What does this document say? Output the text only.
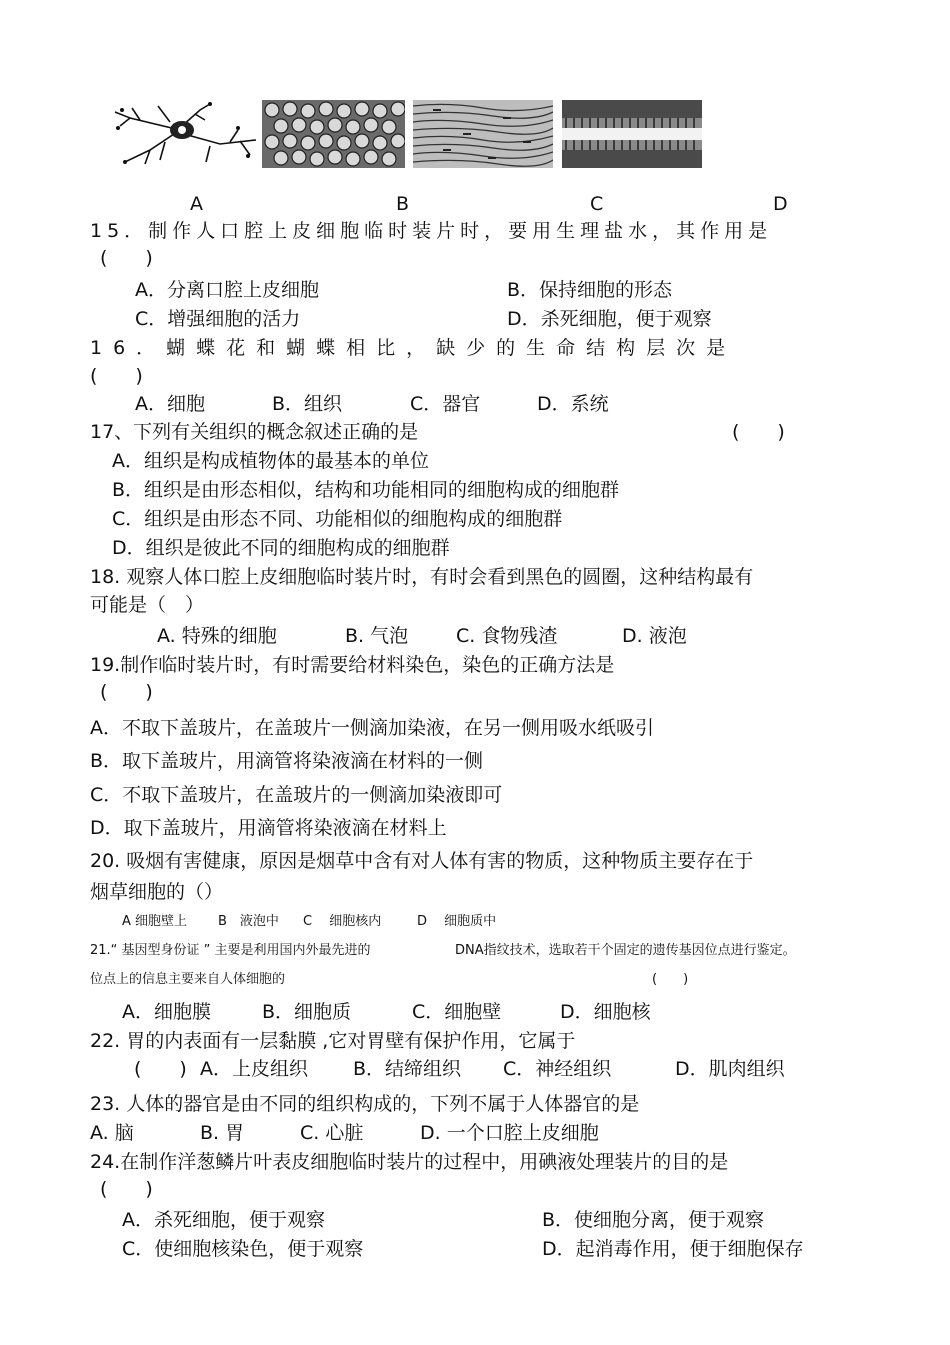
A	B	C	D
15．制作人口腔上皮细胞临时装片时，要用生理盐水，其作用是
(　　)
A．分离口腔上皮细胞	B．保持细胞的形态
C．增强细胞的活力	D．杀死细胞，便于观察
16．蝴蝶花和蝴蝶相比，缺少的生命结构层次是
(　　)
A．细胞	B．组织	C．器官	D．系统
17、下列有关组织的概念叙述正确的是	(　　)
A．组织是构成植物体的最基本的单位
B．组织是由形态相似，结构和功能相同的细胞构成的细胞群
C．组织是由形态不同、功能相似的细胞构成的细胞群
D．组织是彼此不同的细胞构成的细胞群
18. 观察人体口腔上皮细胞临时装片时，有时会看到黑色的圆圈，这种结构最有
可能是（　）
A. 特殊的细胞	B. 气泡	C. 食物残渣	D. 液泡
19.制作临时装片时，有时需要给材料染色，染色的正确方法是
(　　)
A．不取下盖玻片，在盖玻片一侧滴加染液，在另一侧用吸水纸吸引
B．取下盖玻片，用滴管将染液滴在材料的一侧
C．不取下盖玻片，在盖玻片的一侧滴加染液即可
D．取下盖玻片，用滴管将染液滴在材料上
20. 吸烟有害健康，原因是烟草中含有对人体有害的物质，这种物质主要存在于
烟草细胞的（）
A 细胞壁上 B　液泡中 C　 细胞核内	D　 细胞质中
21.“ 基因型身份证 ” 主要是利用国内外最先进的	DNA指纹技术，选取若干个固定的遗传基因位点进行鉴定。
位点上的信息主要来自人体细胞的	(　　)
A．细胞膜	B．细胞质	C．细胞壁	D．细胞核
22. 胃的内表面有一层黏膜 ,它对胃壁有保护作用，它属于
(　　) A．上皮组织 B．结缔组织 C．神经组织	D．肌肉组织
23. 人体的器官是由不同的组织构成的，下列不属于人体器官的是
A. 脑	B. 胃	C. 心脏	D. 一个口腔上皮细胞
24.在制作洋葱鳞片叶表皮细胞临时装片的过程中，用碘液处理装片的目的是
(　　)
A．杀死细胞，便于观察	B．使细胞分离，便于观察
C．使细胞核染色，便于观察	D．起消毒作用，便于细胞保存
